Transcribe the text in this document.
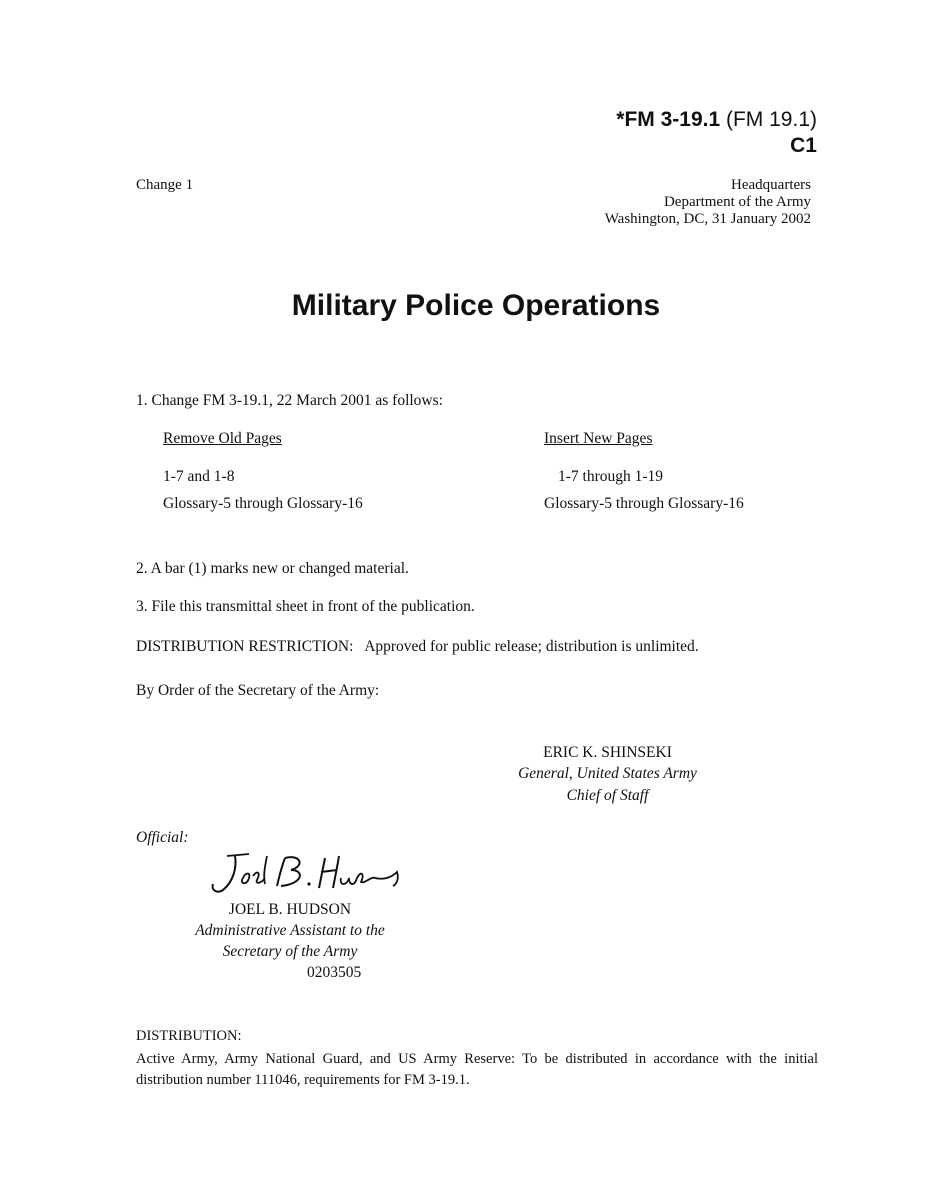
*FM 3-19.1 (FM 19.1)
C1
Change 1	Headquarters
Department of the Army
Washington, DC, 31 January 2002
Military Police Operations
1. Change FM 3-19.1, 22 March 2001 as follows:
Remove Old Pages	Insert New Pages
1-7 and 1-8	1-7 through 1-19
Glossary-5 through Glossary-16	Glossary-5 through Glossary-16
2. A bar (1) marks new or changed material.
3. File this transmittal sheet in front of the publication.
DISTRIBUTION RESTRICTION:   Approved for public release; distribution is unlimited.
By Order of the Secretary of the Army:
ERIC K. SHINSEKI
General, United States Army
Chief of Staff
Official:
JOEL B. HUDSON
Administrative Assistant to the
Secretary of the Army
0203505
DISTRIBUTION:
Active Army, Army National Guard, and US Army Reserve: To be distributed in accordance with the initial distribution number 111046, requirements for FM 3-19.1.
